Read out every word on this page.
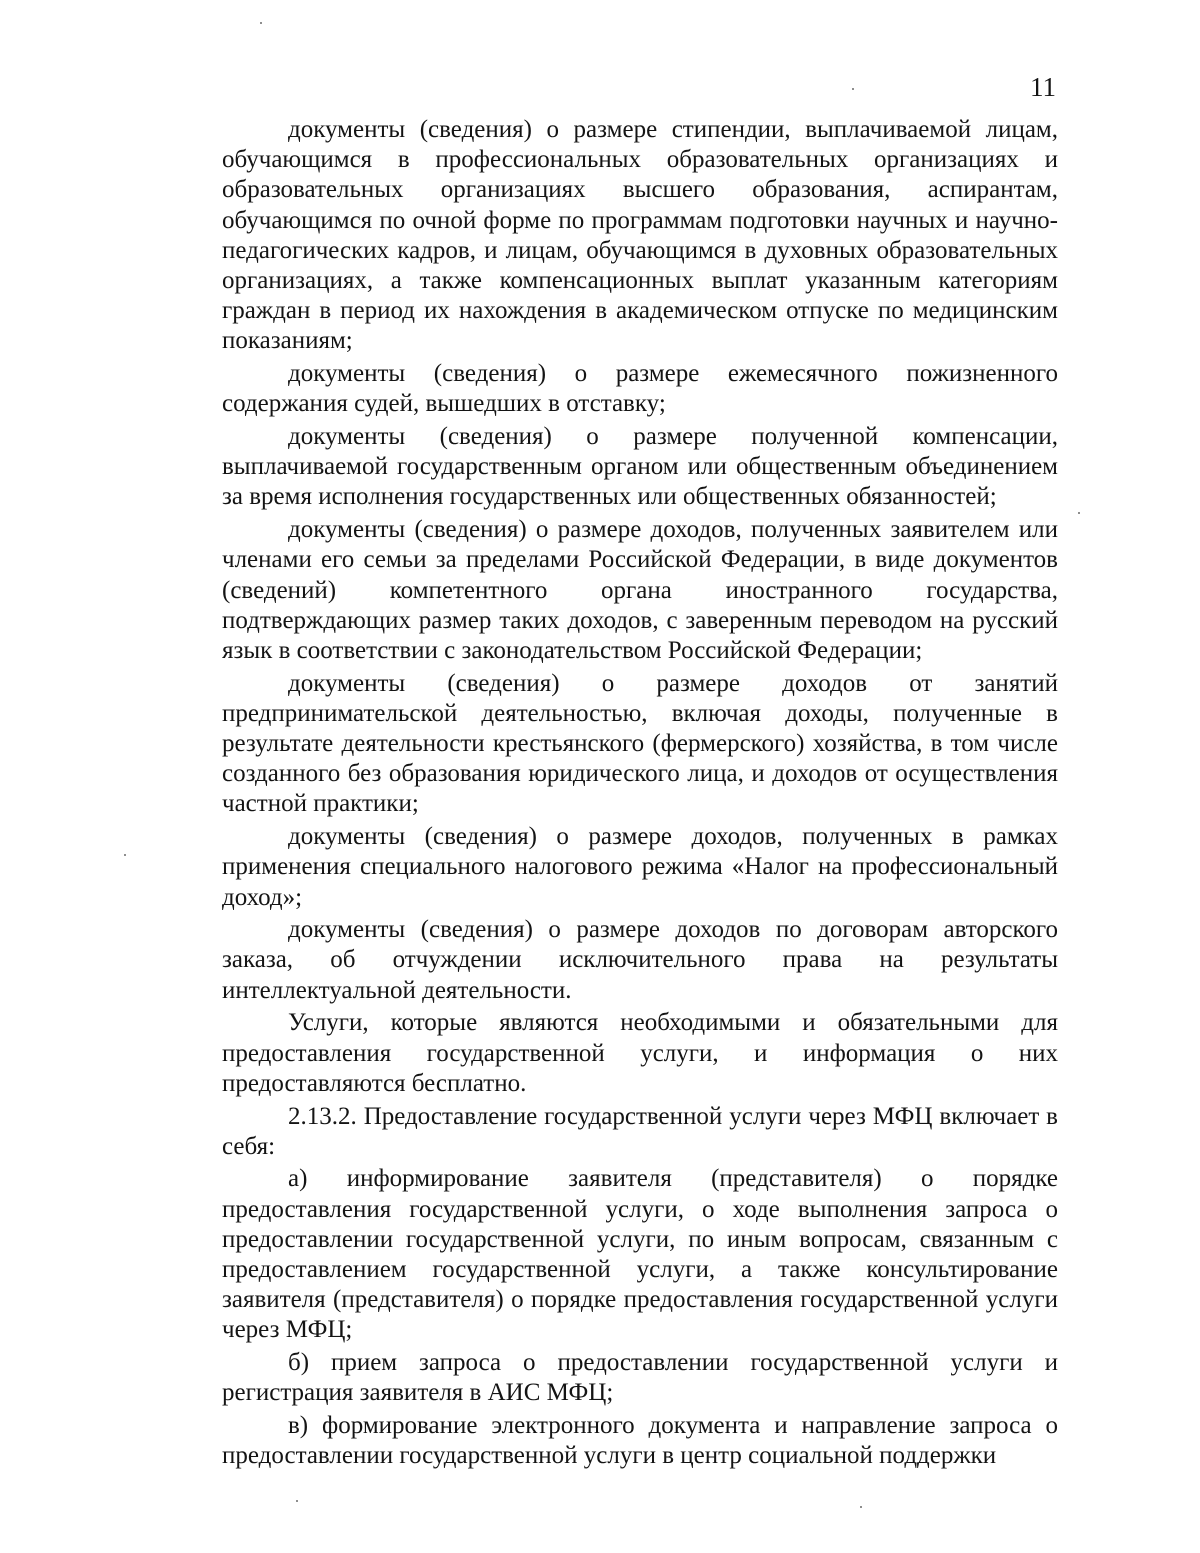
11

документы (сведения) о размере стипендии, выплачиваемой лицам, обучающимся в профессиональных образовательных организациях и образовательных организациях высшего образования, аспирантам, обучающимся по очной форме по программам подготовки научных и научно-педагогических кадров, и лицам, обучающимся в духовных образовательных организациях, а также компенсационных выплат указанным категориям граждан в период их нахождения в академическом отпуске по медицинским показаниям;

документы (сведения) о размере ежемесячного пожизненного содержания судей, вышедших в отставку;

документы (сведения) о размере полученной компенсации, выплачиваемой государственным органом или общественным объединением за время исполнения государственных или общественных обязанностей;

документы (сведения) о размере доходов, полученных заявителем или членами его семьи за пределами Российской Федерации, в виде документов (сведений) компетентного органа иностранного государства, подтверждающих размер таких доходов, с заверенным переводом на русский язык в соответствии с законодательством Российской Федерации;

документы (сведения) о размере доходов от занятий предпринимательской деятельностью, включая доходы, полученные в результате деятельности крестьянского (фермерского) хозяйства, в том числе созданного без образования юридического лица, и доходов от осуществления частной практики;

документы (сведения) о размере доходов, полученных в рамках применения специального налогового режима «Налог на профессиональный доход»;

документы (сведения) о размере доходов по договорам авторского заказа, об отчуждении исключительного права на результаты интеллектуальной деятельности.

Услуги, которые являются необходимыми и обязательными для предоставления государственной услуги, и информация о них предоставляются бесплатно.

2.13.2. Предоставление государственной услуги через МФЦ включает в себя:

а) информирование заявителя (представителя) о порядке предоставления государственной услуги, о ходе выполнения запроса о предоставлении государственной услуги, по иным вопросам, связанным с предоставлением государственной услуги, а также консультирование заявителя (представителя) о порядке предоставления государственной услуги через МФЦ;

б) прием запроса о предоставлении государственной услуги и регистрация заявителя в АИС МФЦ;

в) формирование электронного документа и направление запроса о предоставлении государственной услуги в центр социальной поддержки
